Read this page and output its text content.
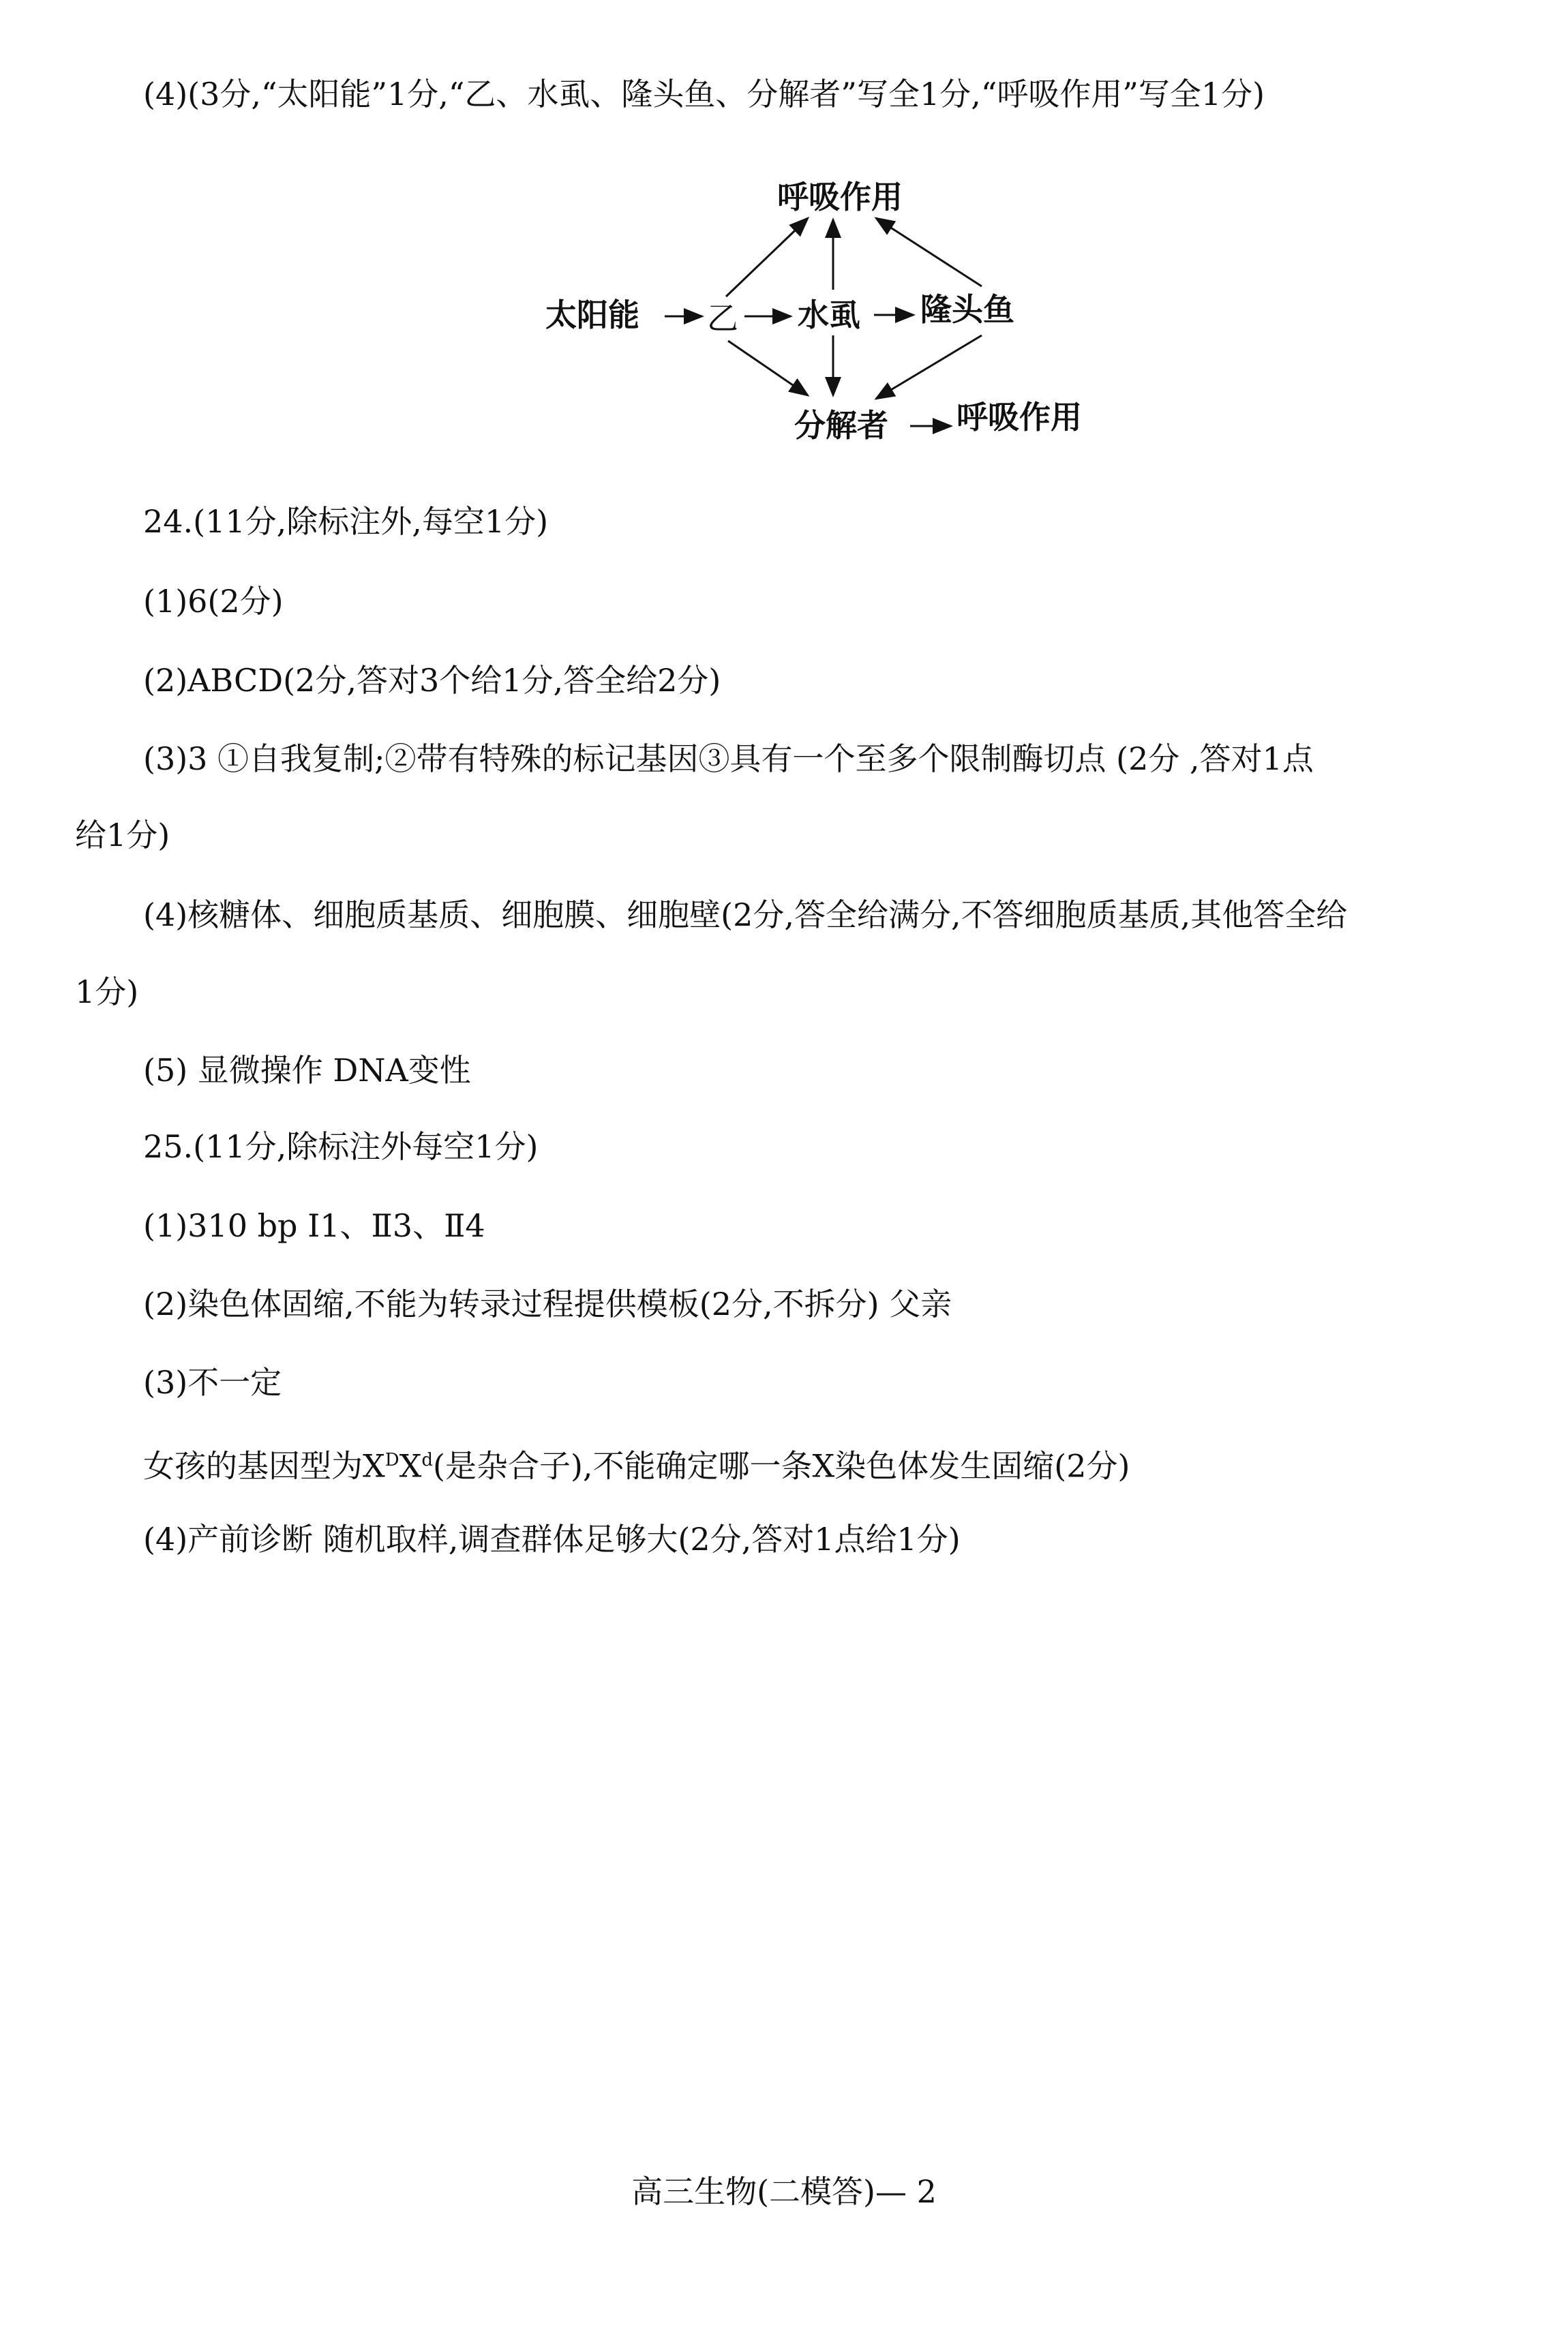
(4)(3分,“太阳能”1分,“乙、水虱、隆头鱼、分解者”写全1分,“呼吸作用”写全1分)
呼吸作用
太阳能 乙 水虱 隆头鱼
分解者 呼吸作用
24.(11分,除标注外,每空1分)
(1)6(2分)
(2)ABCD(2分,答对3个给1分,答全给2分)
(3)3 ①自我复制;②带有特殊的标记基因③具有一个至多个限制酶切点 (2分 ,答对1点
给1分)
(4)核糖体、细胞质基质、细胞膜、细胞壁(2分,答全给满分,不答细胞质基质,其他答全给
1分)
(5) 显微操作 DNA变性
25.(11分,除标注外每空1分)
(1)310 bp Ⅰ1、Ⅱ3、Ⅱ4
(2)染色体固缩,不能为转录过程提供模板(2分,不拆分) 父亲
(3)不一定
女孩的基因型为$X^DX^d$(是杂合子),不能确定哪一条X染色体发生固缩(2分)
(4)产前诊断 随机取样,调查群体足够大(2分,答对1点给1分)
高三生物(二模答)— 2
